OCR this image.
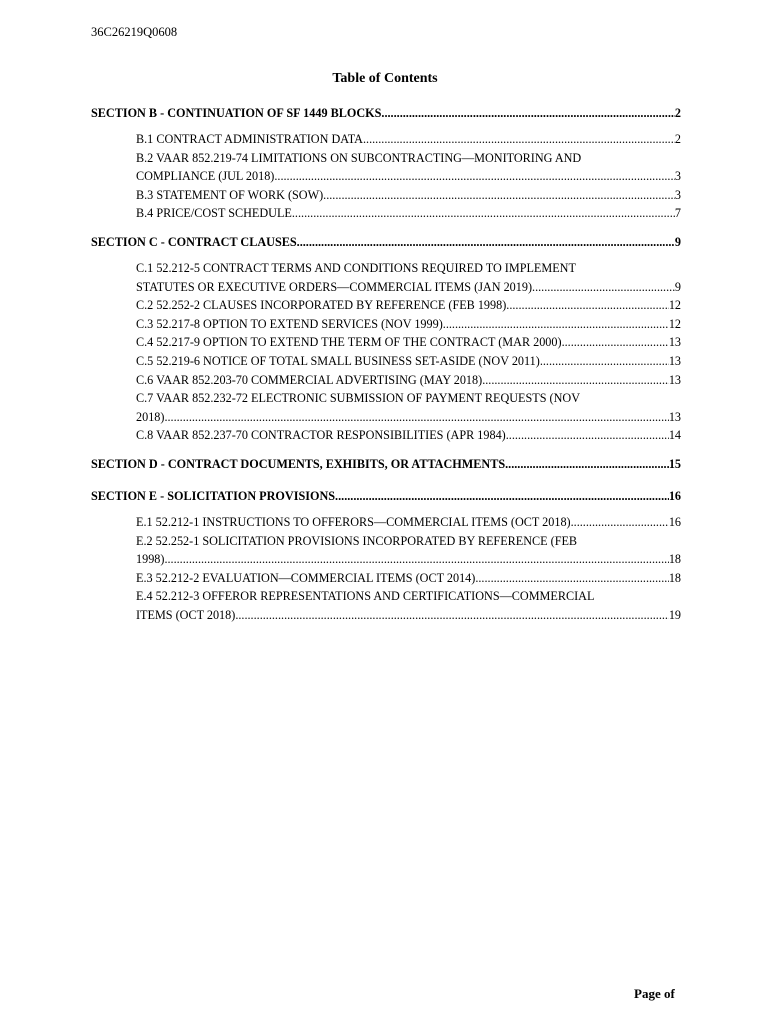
36C26219Q0608
Table of Contents
SECTION B - CONTINUATION OF SF 1449 BLOCKS .....	2
B.1 CONTRACT ADMINISTRATION DATA .....	2
B.2 VAAR 852.219-74 LIMITATIONS ON SUBCONTRACTING—MONITORING AND
COMPLIANCE (JUL 2018) .....	3
B.3 STATEMENT OF WORK (SOW) .....	3
B.4 PRICE/COST SCHEDULE .....	7
SECTION C - CONTRACT CLAUSES .....	9
C.1 52.212-5 CONTRACT TERMS AND CONDITIONS REQUIRED TO IMPLEMENT
STATUTES OR EXECUTIVE ORDERS—COMMERCIAL ITEMS (JAN 2019) .....	9
C.2 52.252-2 CLAUSES INCORPORATED BY REFERENCE (FEB 1998) .....	12
C.3 52.217-8 OPTION TO EXTEND SERVICES (NOV 1999) .....	12
C.4 52.217-9 OPTION TO EXTEND THE TERM OF THE CONTRACT (MAR 2000) .....	13
C.5 52.219-6 NOTICE OF TOTAL SMALL BUSINESS SET-ASIDE (NOV 2011) .....	13
C.6 VAAR 852.203-70 COMMERCIAL ADVERTISING (MAY 2018) .....	13
C.7 VAAR 852.232-72 ELECTRONIC SUBMISSION OF PAYMENT REQUESTS (NOV
2018) .....	13
C.8 VAAR 852.237-70 CONTRACTOR RESPONSIBILITIES (APR 1984) .....	14
SECTION D - CONTRACT DOCUMENTS, EXHIBITS, OR ATTACHMENTS .....	15
SECTION E - SOLICITATION PROVISIONS .....	16
E.1 52.212-1 INSTRUCTIONS TO OFFERORS—COMMERCIAL ITEMS (OCT 2018) .....	16
E.2 52.252-1 SOLICITATION PROVISIONS INCORPORATED BY REFERENCE (FEB
1998) .....	18
E.3 52.212-2 EVALUATION—COMMERCIAL ITEMS (OCT 2014) .....	18
E.4 52.212-3 OFFEROR REPRESENTATIONS AND CERTIFICATIONS—COMMERCIAL
ITEMS (OCT 2018) .....	19
Page of
